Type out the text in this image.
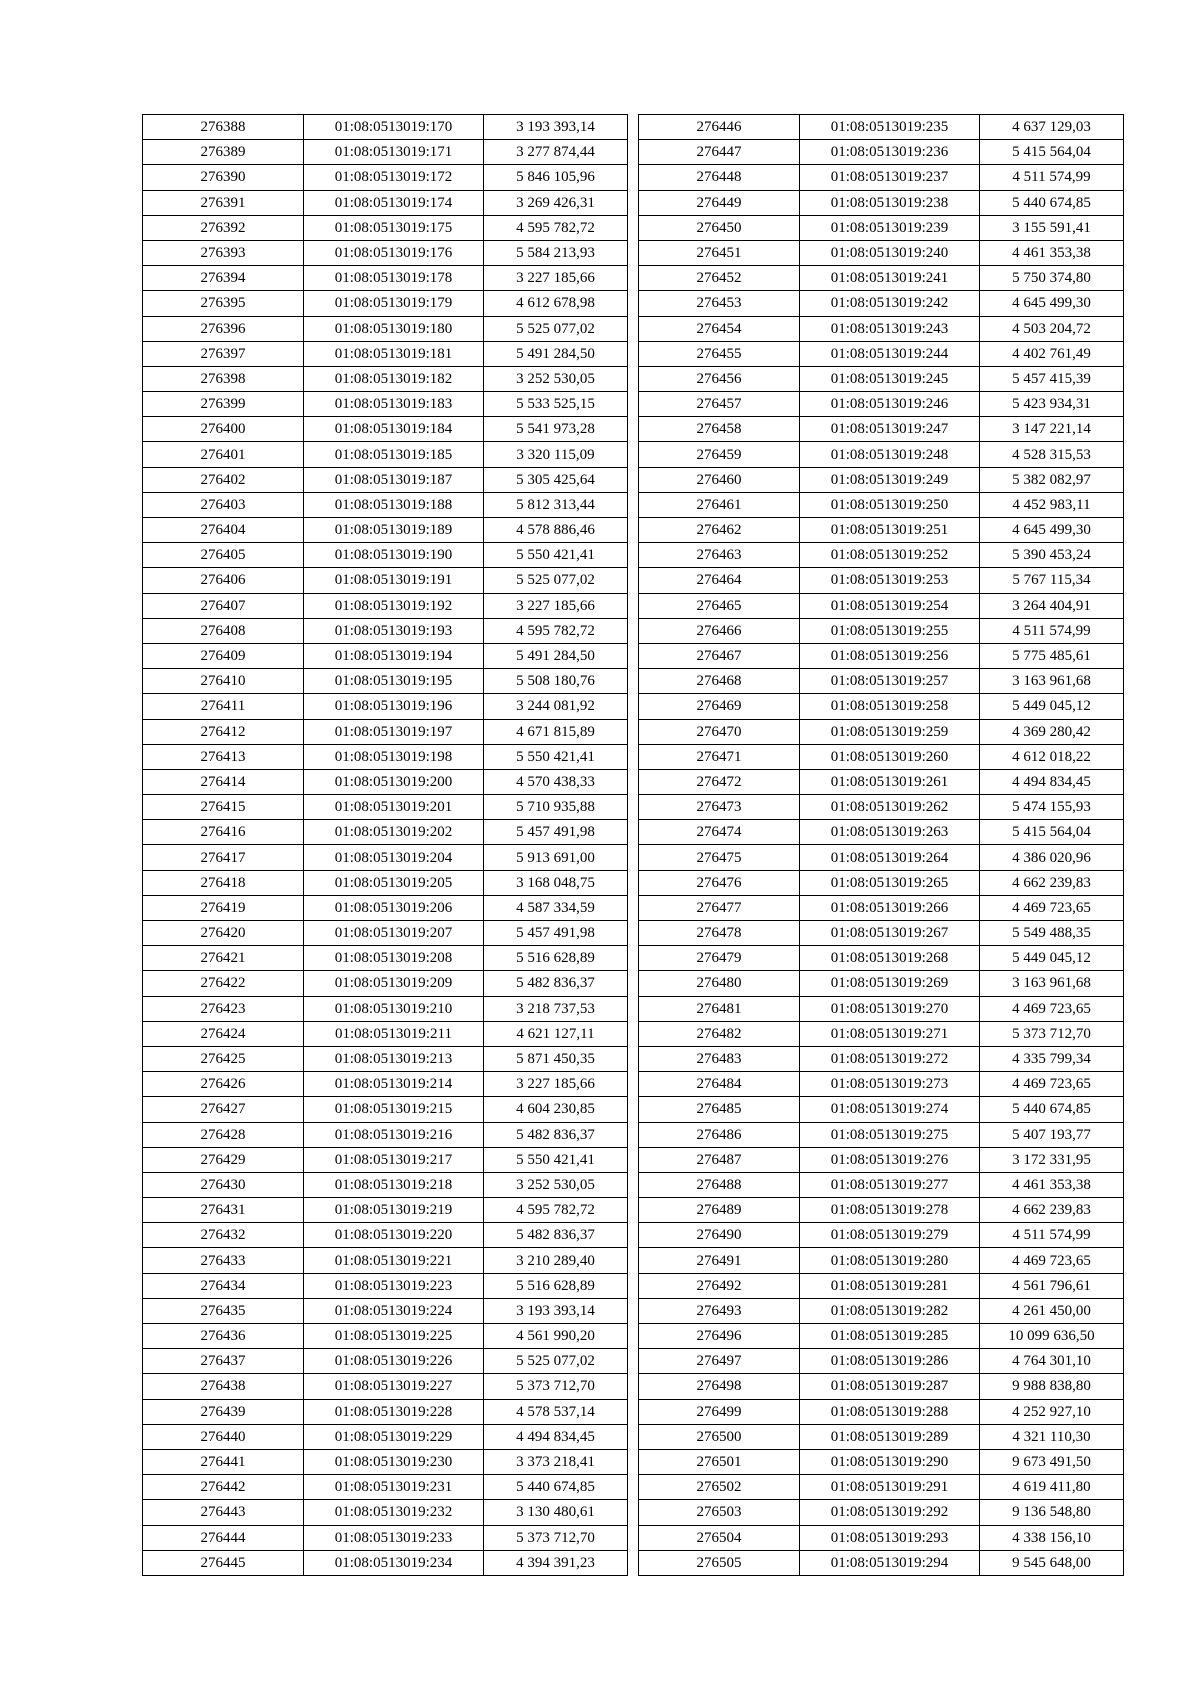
276388	01:08:0513019:170	3 193 393,14
276389	01:08:0513019:171	3 277 874,44
276390	01:08:0513019:172	5 846 105,96
276391	01:08:0513019:174	3 269 426,31
276392	01:08:0513019:175	4 595 782,72
276393	01:08:0513019:176	5 584 213,93
276394	01:08:0513019:178	3 227 185,66
276395	01:08:0513019:179	4 612 678,98
276396	01:08:0513019:180	5 525 077,02
276397	01:08:0513019:181	5 491 284,50
276398	01:08:0513019:182	3 252 530,05
276399	01:08:0513019:183	5 533 525,15
276400	01:08:0513019:184	5 541 973,28
276401	01:08:0513019:185	3 320 115,09
276402	01:08:0513019:187	5 305 425,64
276403	01:08:0513019:188	5 812 313,44
276404	01:08:0513019:189	4 578 886,46
276405	01:08:0513019:190	5 550 421,41
276406	01:08:0513019:191	5 525 077,02
276407	01:08:0513019:192	3 227 185,66
276408	01:08:0513019:193	4 595 782,72
276409	01:08:0513019:194	5 491 284,50
276410	01:08:0513019:195	5 508 180,76
276411	01:08:0513019:196	3 244 081,92
276412	01:08:0513019:197	4 671 815,89
276413	01:08:0513019:198	5 550 421,41
276414	01:08:0513019:200	4 570 438,33
276415	01:08:0513019:201	5 710 935,88
276416	01:08:0513019:202	5 457 491,98
276417	01:08:0513019:204	5 913 691,00
276418	01:08:0513019:205	3 168 048,75
276419	01:08:0513019:206	4 587 334,59
276420	01:08:0513019:207	5 457 491,98
276421	01:08:0513019:208	5 516 628,89
276422	01:08:0513019:209	5 482 836,37
276423	01:08:0513019:210	3 218 737,53
276424	01:08:0513019:211	4 621 127,11
276425	01:08:0513019:213	5 871 450,35
276426	01:08:0513019:214	3 227 185,66
276427	01:08:0513019:215	4 604 230,85
276428	01:08:0513019:216	5 482 836,37
276429	01:08:0513019:217	5 550 421,41
276430	01:08:0513019:218	3 252 530,05
276431	01:08:0513019:219	4 595 782,72
276432	01:08:0513019:220	5 482 836,37
276433	01:08:0513019:221	3 210 289,40
276434	01:08:0513019:223	5 516 628,89
276435	01:08:0513019:224	3 193 393,14
276436	01:08:0513019:225	4 561 990,20
276437	01:08:0513019:226	5 525 077,02
276438	01:08:0513019:227	5 373 712,70
276439	01:08:0513019:228	4 578 537,14
276440	01:08:0513019:229	4 494 834,45
276441	01:08:0513019:230	3 373 218,41
276442	01:08:0513019:231	5 440 674,85
276443	01:08:0513019:232	3 130 480,61
276444	01:08:0513019:233	5 373 712,70
276445	01:08:0513019:234	4 394 391,23
276446	01:08:0513019:235	4 637 129,03
276447	01:08:0513019:236	5 415 564,04
276448	01:08:0513019:237	4 511 574,99
276449	01:08:0513019:238	5 440 674,85
276450	01:08:0513019:239	3 155 591,41
276451	01:08:0513019:240	4 461 353,38
276452	01:08:0513019:241	5 750 374,80
276453	01:08:0513019:242	4 645 499,30
276454	01:08:0513019:243	4 503 204,72
276455	01:08:0513019:244	4 402 761,49
276456	01:08:0513019:245	5 457 415,39
276457	01:08:0513019:246	5 423 934,31
276458	01:08:0513019:247	3 147 221,14
276459	01:08:0513019:248	4 528 315,53
276460	01:08:0513019:249	5 382 082,97
276461	01:08:0513019:250	4 452 983,11
276462	01:08:0513019:251	4 645 499,30
276463	01:08:0513019:252	5 390 453,24
276464	01:08:0513019:253	5 767 115,34
276465	01:08:0513019:254	3 264 404,91
276466	01:08:0513019:255	4 511 574,99
276467	01:08:0513019:256	5 775 485,61
276468	01:08:0513019:257	3 163 961,68
276469	01:08:0513019:258	5 449 045,12
276470	01:08:0513019:259	4 369 280,42
276471	01:08:0513019:260	4 612 018,22
276472	01:08:0513019:261	4 494 834,45
276473	01:08:0513019:262	5 474 155,93
276474	01:08:0513019:263	5 415 564,04
276475	01:08:0513019:264	4 386 020,96
276476	01:08:0513019:265	4 662 239,83
276477	01:08:0513019:266	4 469 723,65
276478	01:08:0513019:267	5 549 488,35
276479	01:08:0513019:268	5 449 045,12
276480	01:08:0513019:269	3 163 961,68
276481	01:08:0513019:270	4 469 723,65
276482	01:08:0513019:271	5 373 712,70
276483	01:08:0513019:272	4 335 799,34
276484	01:08:0513019:273	4 469 723,65
276485	01:08:0513019:274	5 440 674,85
276486	01:08:0513019:275	5 407 193,77
276487	01:08:0513019:276	3 172 331,95
276488	01:08:0513019:277	4 461 353,38
276489	01:08:0513019:278	4 662 239,83
276490	01:08:0513019:279	4 511 574,99
276491	01:08:0513019:280	4 469 723,65
276492	01:08:0513019:281	4 561 796,61
276493	01:08:0513019:282	4 261 450,00
276496	01:08:0513019:285	10 099 636,50
276497	01:08:0513019:286	4 764 301,10
276498	01:08:0513019:287	9 988 838,80
276499	01:08:0513019:288	4 252 927,10
276500	01:08:0513019:289	4 321 110,30
276501	01:08:0513019:290	9 673 491,50
276502	01:08:0513019:291	4 619 411,80
276503	01:08:0513019:292	9 136 548,80
276504	01:08:0513019:293	4 338 156,10
276505	01:08:0513019:294	9 545 648,00
